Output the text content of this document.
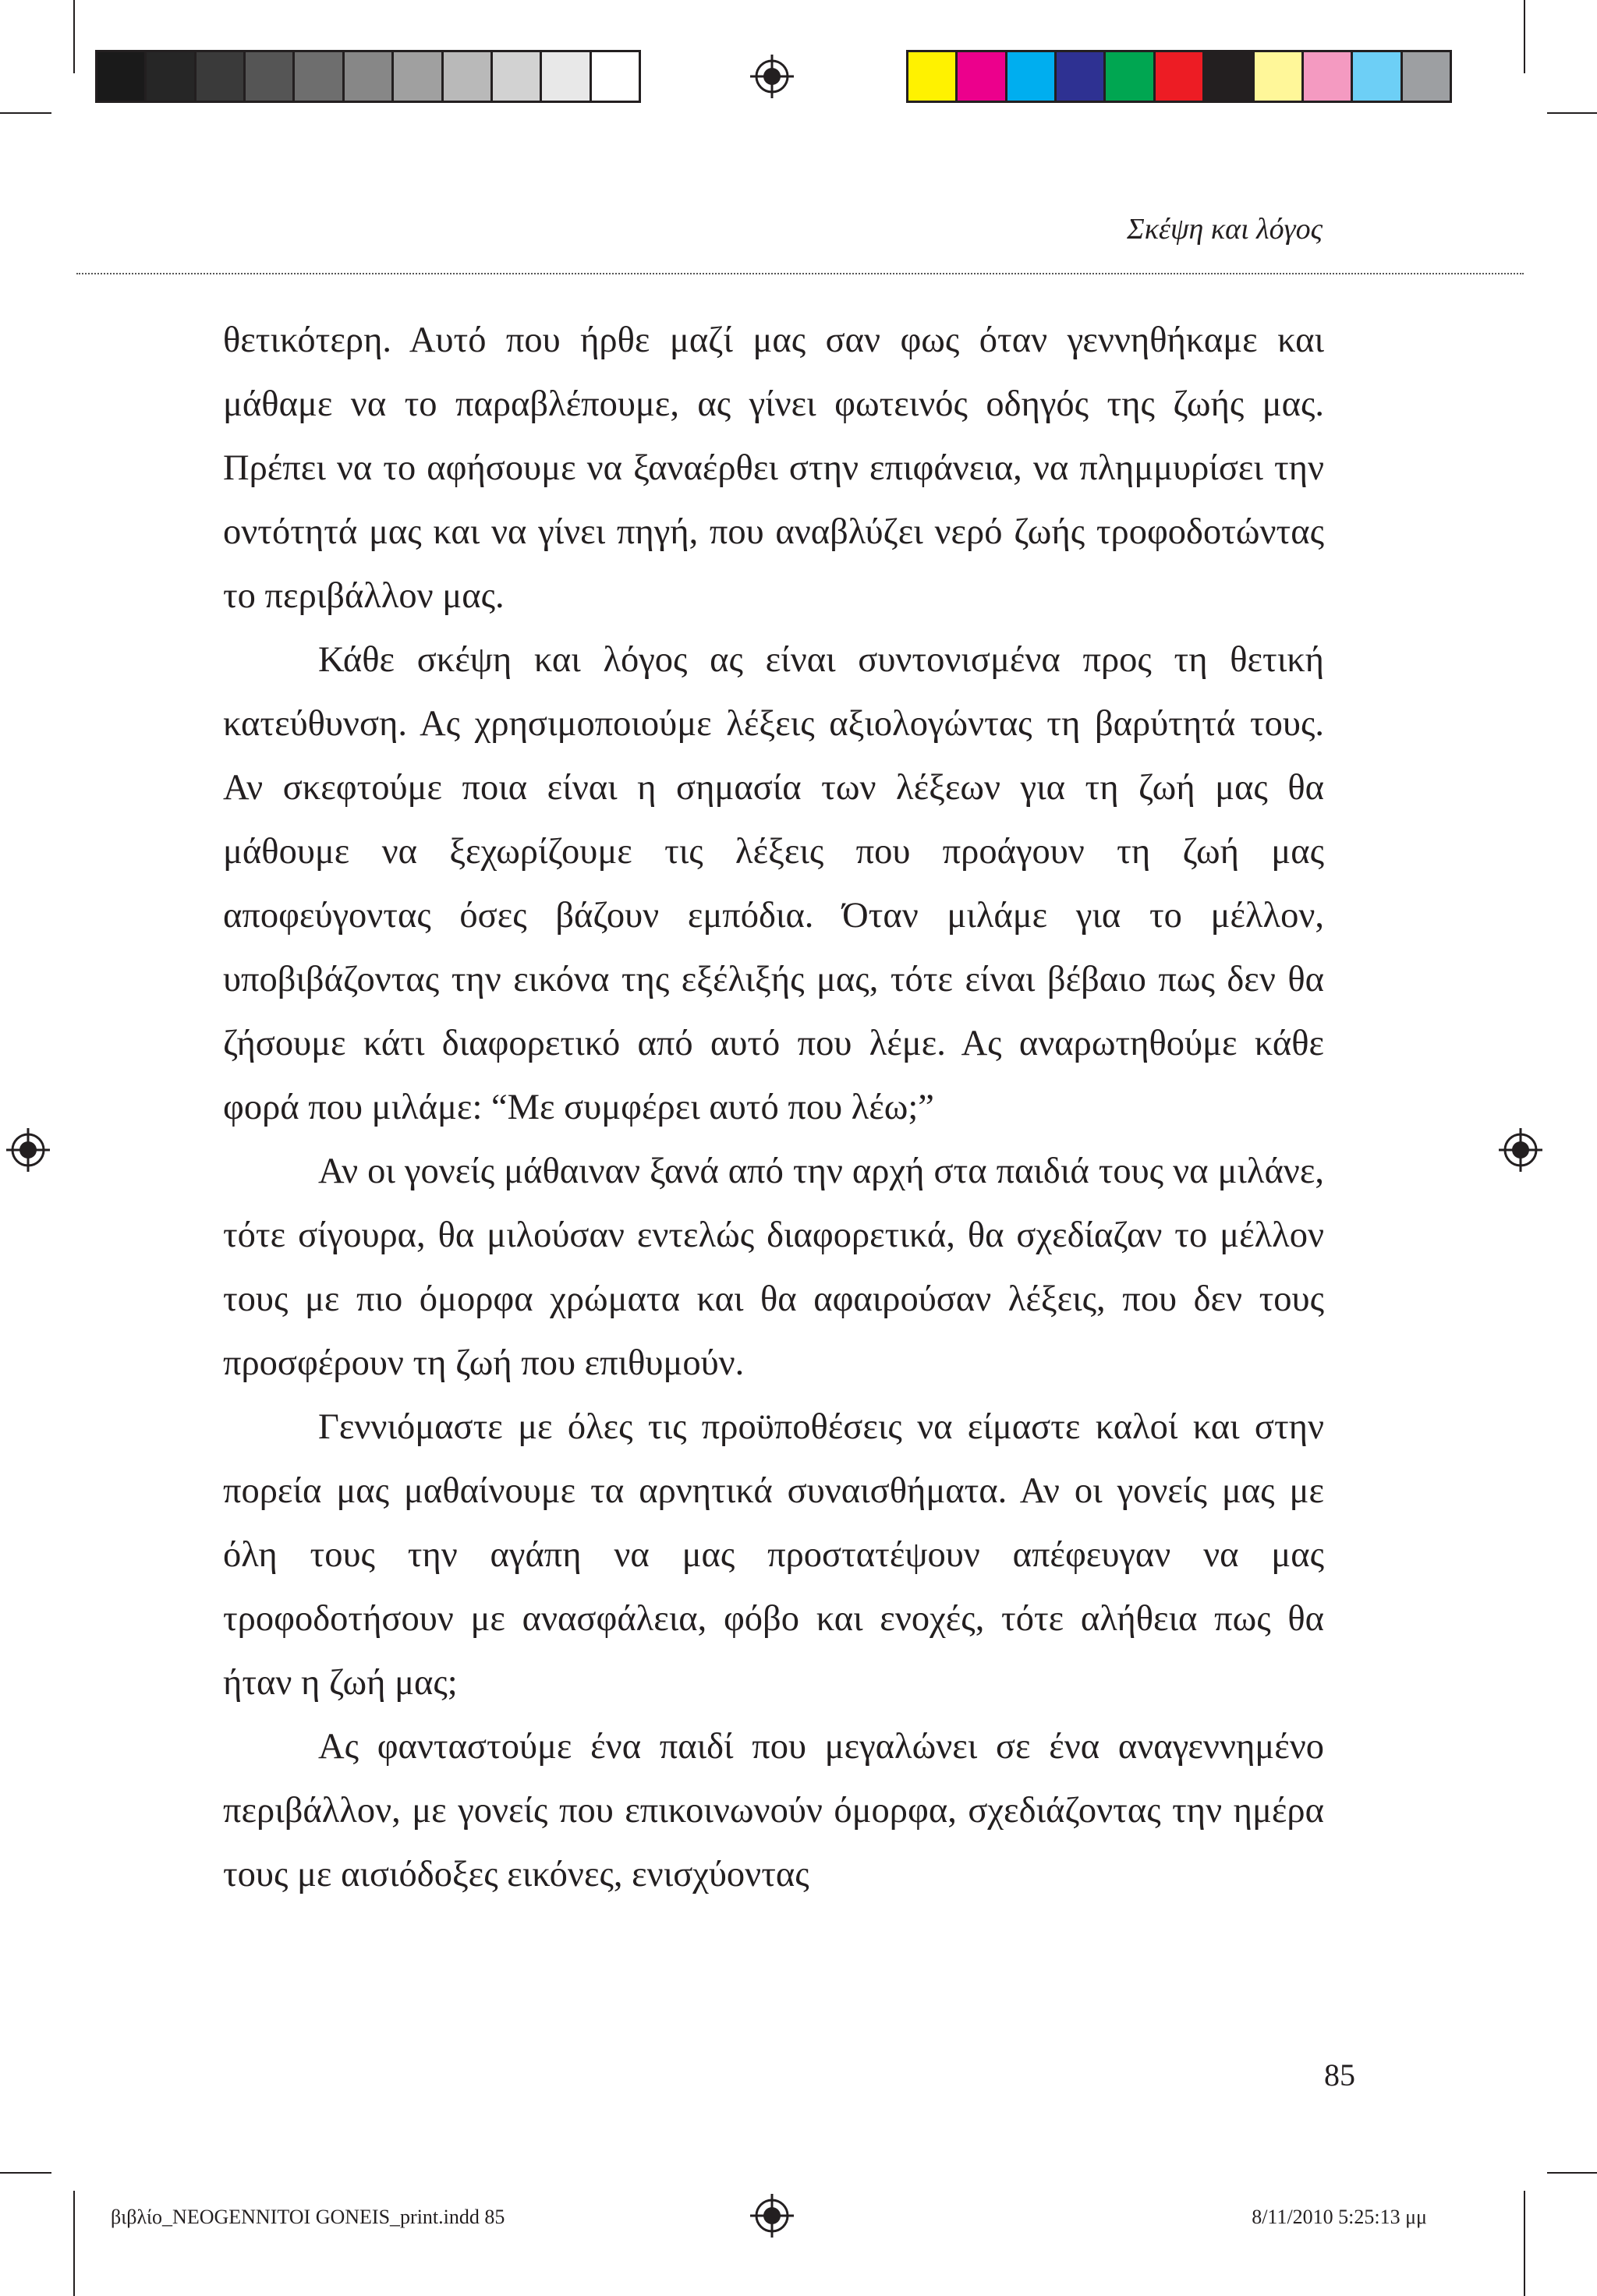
Σκέψη και λόγος

θετικότερη. Αυτό που ήρθε μαζί μας σαν φως όταν γεννηθήκαμε και μάθαμε να το παραβλέπουμε, ας γίνει φωτεινός οδηγός της ζωής μας. Πρέπει να το αφήσουμε να ξαναέρθει στην επιφάνεια, να πλημμυρίσει την οντότητά μας και να γίνει πηγή, που αναβλύζει νερό ζωής τροφοδοτώντας το περιβάλλον μας.

Κάθε σκέψη και λόγος ας είναι συντονισμένα προς τη θετική κατεύθυνση. Ας χρησιμοποιούμε λέξεις αξιολογώντας τη βαρύτητά τους. Αν σκεφτούμε ποια είναι η σημασία των λέξεων για τη ζωή μας θα μάθουμε να ξεχωρίζουμε τις λέξεις που προάγουν τη ζωή μας αποφεύγοντας όσες βάζουν εμπόδια. Όταν μιλάμε για το μέλλον, υποβιβάζοντας την εικόνα της εξέλιξής μας, τότε είναι βέβαιο πως δεν θα ζήσουμε κάτι διαφορετικό από αυτό που λέμε. Ας αναρωτηθούμε κάθε φορά που μιλάμε: “Με συμφέρει αυτό που λέω;”

Αν οι γονείς μάθαιναν ξανά από την αρχή στα παιδιά τους να μιλάνε, τότε σίγουρα, θα μιλούσαν εντελώς διαφορετικά, θα σχεδίαζαν το μέλλον τους με πιο όμορφα χρώματα και θα αφαιρούσαν λέξεις, που δεν τους προσφέρουν τη ζωή που επιθυμούν.

Γεννιόμαστε με όλες τις προϋποθέσεις να είμαστε καλοί και στην πορεία μας μαθαίνουμε τα αρνητικά συναισθήματα. Αν οι γονείς μας με όλη τους την αγάπη να μας προστατέψουν απέφευγαν να μας τροφοδοτήσουν με ανασφάλεια, φόβο και ενοχές, τότε αλήθεια πως θα ήταν η ζωή μας;

Ας φανταστούμε ένα παιδί που μεγαλώνει σε ένα αναγεννημένο περιβάλλον, με γονείς που επικοινωνούν όμορφα, σχεδιάζοντας την ημέρα τους με αισιόδοξες εικόνες, ενισχύοντας

85
βιβλίο_NEOGENNITOI GONEIS_print.indd 85	8/11/2010 5:25:13 μμ
